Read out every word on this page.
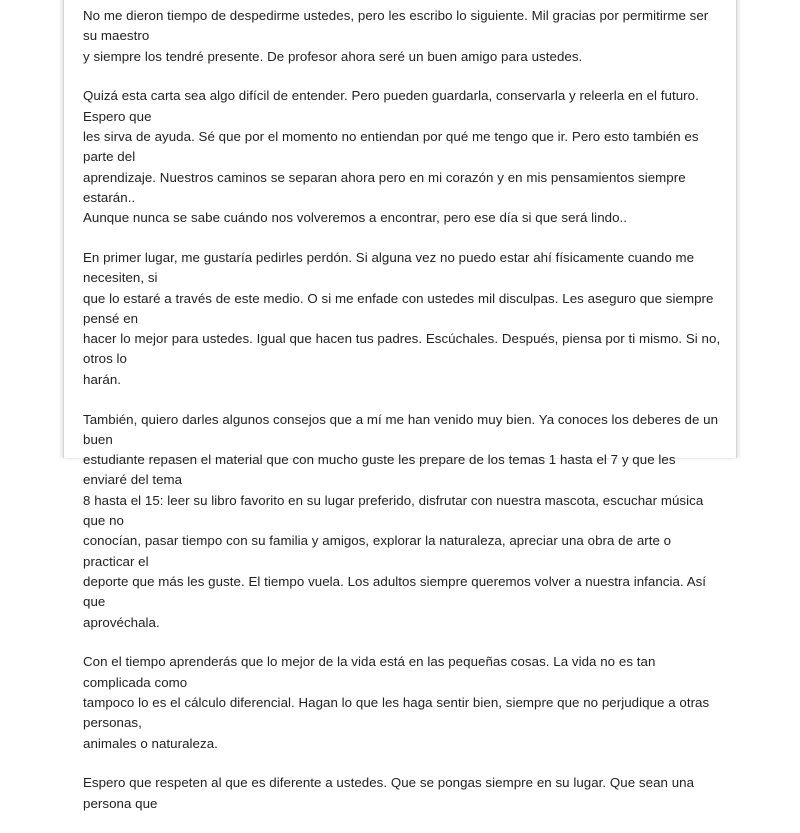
No me dieron tiempo de despedirme ustedes, pero les escribo lo siguiente. Mil gracias por permitirme ser su maestro
y siempre los tendré presente. De profesor ahora seré un buen amigo para ustedes.

Quizá esta carta sea algo difícil de entender. Pero pueden guardarla, conservarla y releerla en el futuro. Espero que
les sirva de ayuda. Sé que por el momento no entiendan por qué me tengo que ir. Pero esto también es parte del
aprendizaje. Nuestros caminos se separan ahora pero en mi corazón y en mis pensamientos siempre estarán..
Aunque nunca se sabe cuándo nos volveremos a encontrar, pero ese día si que será lindo..

En primer lugar, me gustaría pedirles perdón. Si alguna vez no puedo estar ahí físicamente cuando me necesiten, si
que lo estaré a través de este medio. O si me enfade con ustedes mil disculpas. Les aseguro que siempre pensé en
hacer lo mejor para ustedes. Igual que hacen tus padres. Escúchales. Después, piensa por ti mismo. Si no, otros lo
harán.

También, quiero darles algunos consejos que a mí me han venido muy bien. Ya conoces los deberes de un buen
estudiante repasen el material que con mucho guste les prepare de los temas 1 hasta el 7 y que les enviaré del tema
8 hasta el 15: leer su libro favorito en su lugar preferido, disfrutar con nuestra mascota, escuchar música que no
conocían, pasar tiempo con su familia y amigos, explorar la naturaleza, apreciar una obra de arte o practicar el
deporte que más les guste. El tiempo vuela. Los adultos siempre queremos volver a nuestra infancia. Así que
aprovéchala.

Con el tiempo aprenderás que lo mejor de la vida está en las pequeñas cosas. La vida no es tan complicada como
tampoco lo es el cálculo diferencial. Hagan lo que les haga sentir bien, siempre que no perjudique a otras personas,
animales o naturaleza.

Espero que respeten al que es diferente a ustedes. Que se pongas siempre en su lugar. Que sean una persona que
